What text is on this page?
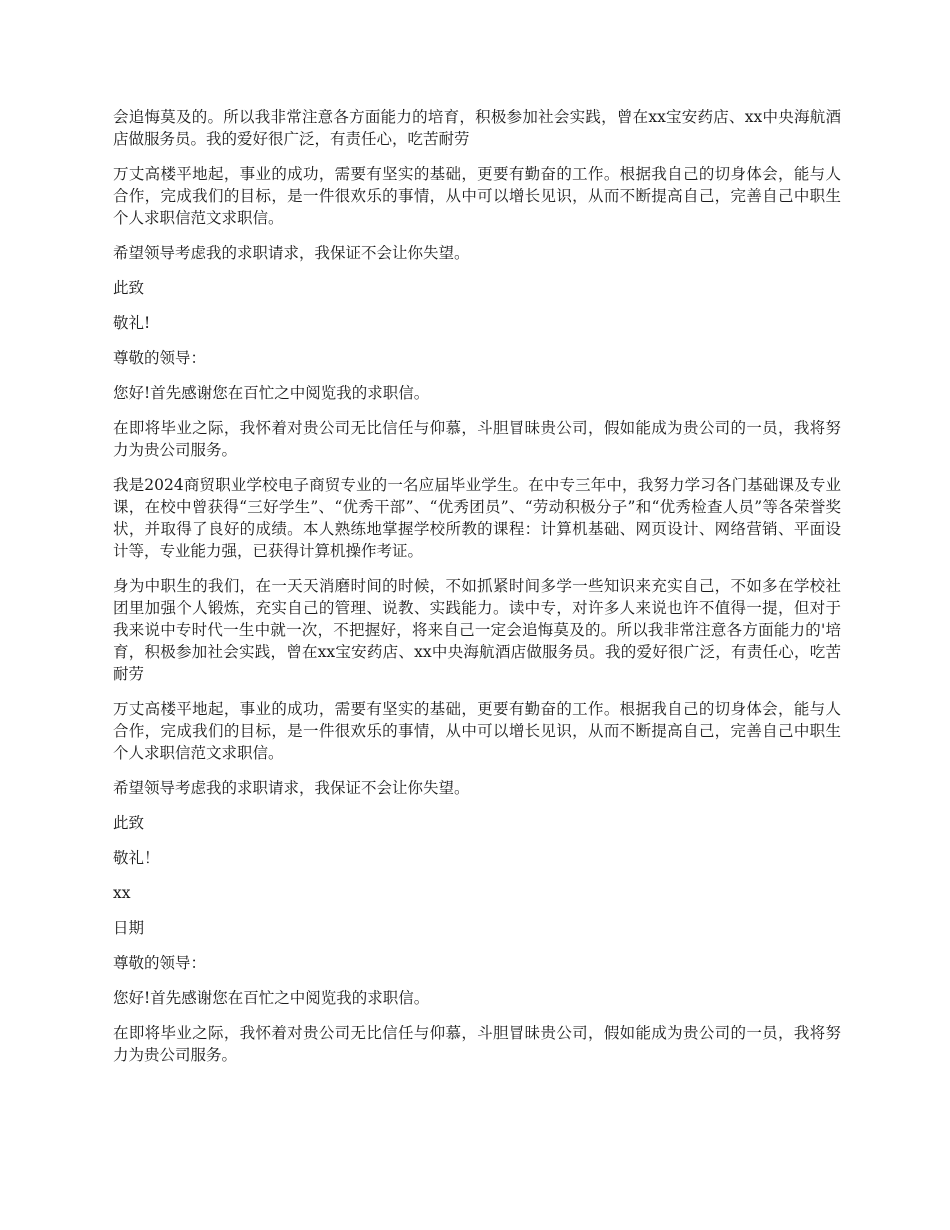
会追悔莫及的。所以我非常注意各方面能力的培育，积极参加社会实践，曾在xx宝安药店、xx中央海航酒店做服务员。我的爱好很广泛，有责任心，吃苦耐劳

万丈高楼平地起，事业的成功，需要有坚实的基础，更要有勤奋的工作。根据我自己的切身体会，能与人合作，完成我们的目标，是一件很欢乐的事情，从中可以增长见识，从而不断提高自己，完善自己中职生个人求职信范文求职信。

希望领导考虑我的求职请求，我保证不会让你失望。

此致

敬礼!

尊敬的领导：

您好!首先感谢您在百忙之中阅览我的求职信。

在即将毕业之际，我怀着对贵公司无比信任与仰慕，斗胆冒昧贵公司，假如能成为贵公司的一员，我将努力为贵公司服务。

我是2024商贸职业学校电子商贸专业的一名应届毕业学生。在中专三年中，我努力学习各门基础课及专业课，在校中曾获得“三好学生”、“优秀干部”、“优秀团员”、“劳动积极分子”和“优秀检查人员”等各荣誉奖状，并取得了良好的成绩。本人熟练地掌握学校所教的课程：计算机基础、网页设计、网络营销、平面设计等，专业能力强，已获得计算机操作考证。

身为中职生的我们，在一天天消磨时间的时候，不如抓紧时间多学一些知识来充实自己，不如多在学校社团里加强个人锻炼，充实自己的管理、说教、实践能力。读中专，对许多人来说也许不值得一提，但对于我来说中专时代一生中就一次，不把握好，将来自己一定会追悔莫及的。所以我非常注意各方面能力的'培育，积极参加社会实践，曾在xx宝安药店、xx中央海航酒店做服务员。我的爱好很广泛，有责任心，吃苦耐劳

万丈高楼平地起，事业的成功，需要有坚实的基础，更要有勤奋的工作。根据我自己的切身体会，能与人合作，完成我们的目标，是一件很欢乐的事情，从中可以增长见识，从而不断提高自己，完善自己中职生个人求职信范文求职信。

希望领导考虑我的求职请求，我保证不会让你失望。

此致

敬礼！

xx

日期

尊敬的领导：

您好!首先感谢您在百忙之中阅览我的求职信。

在即将毕业之际，我怀着对贵公司无比信任与仰慕，斗胆冒昧贵公司，假如能成为贵公司的一员，我将努力为贵公司服务。
